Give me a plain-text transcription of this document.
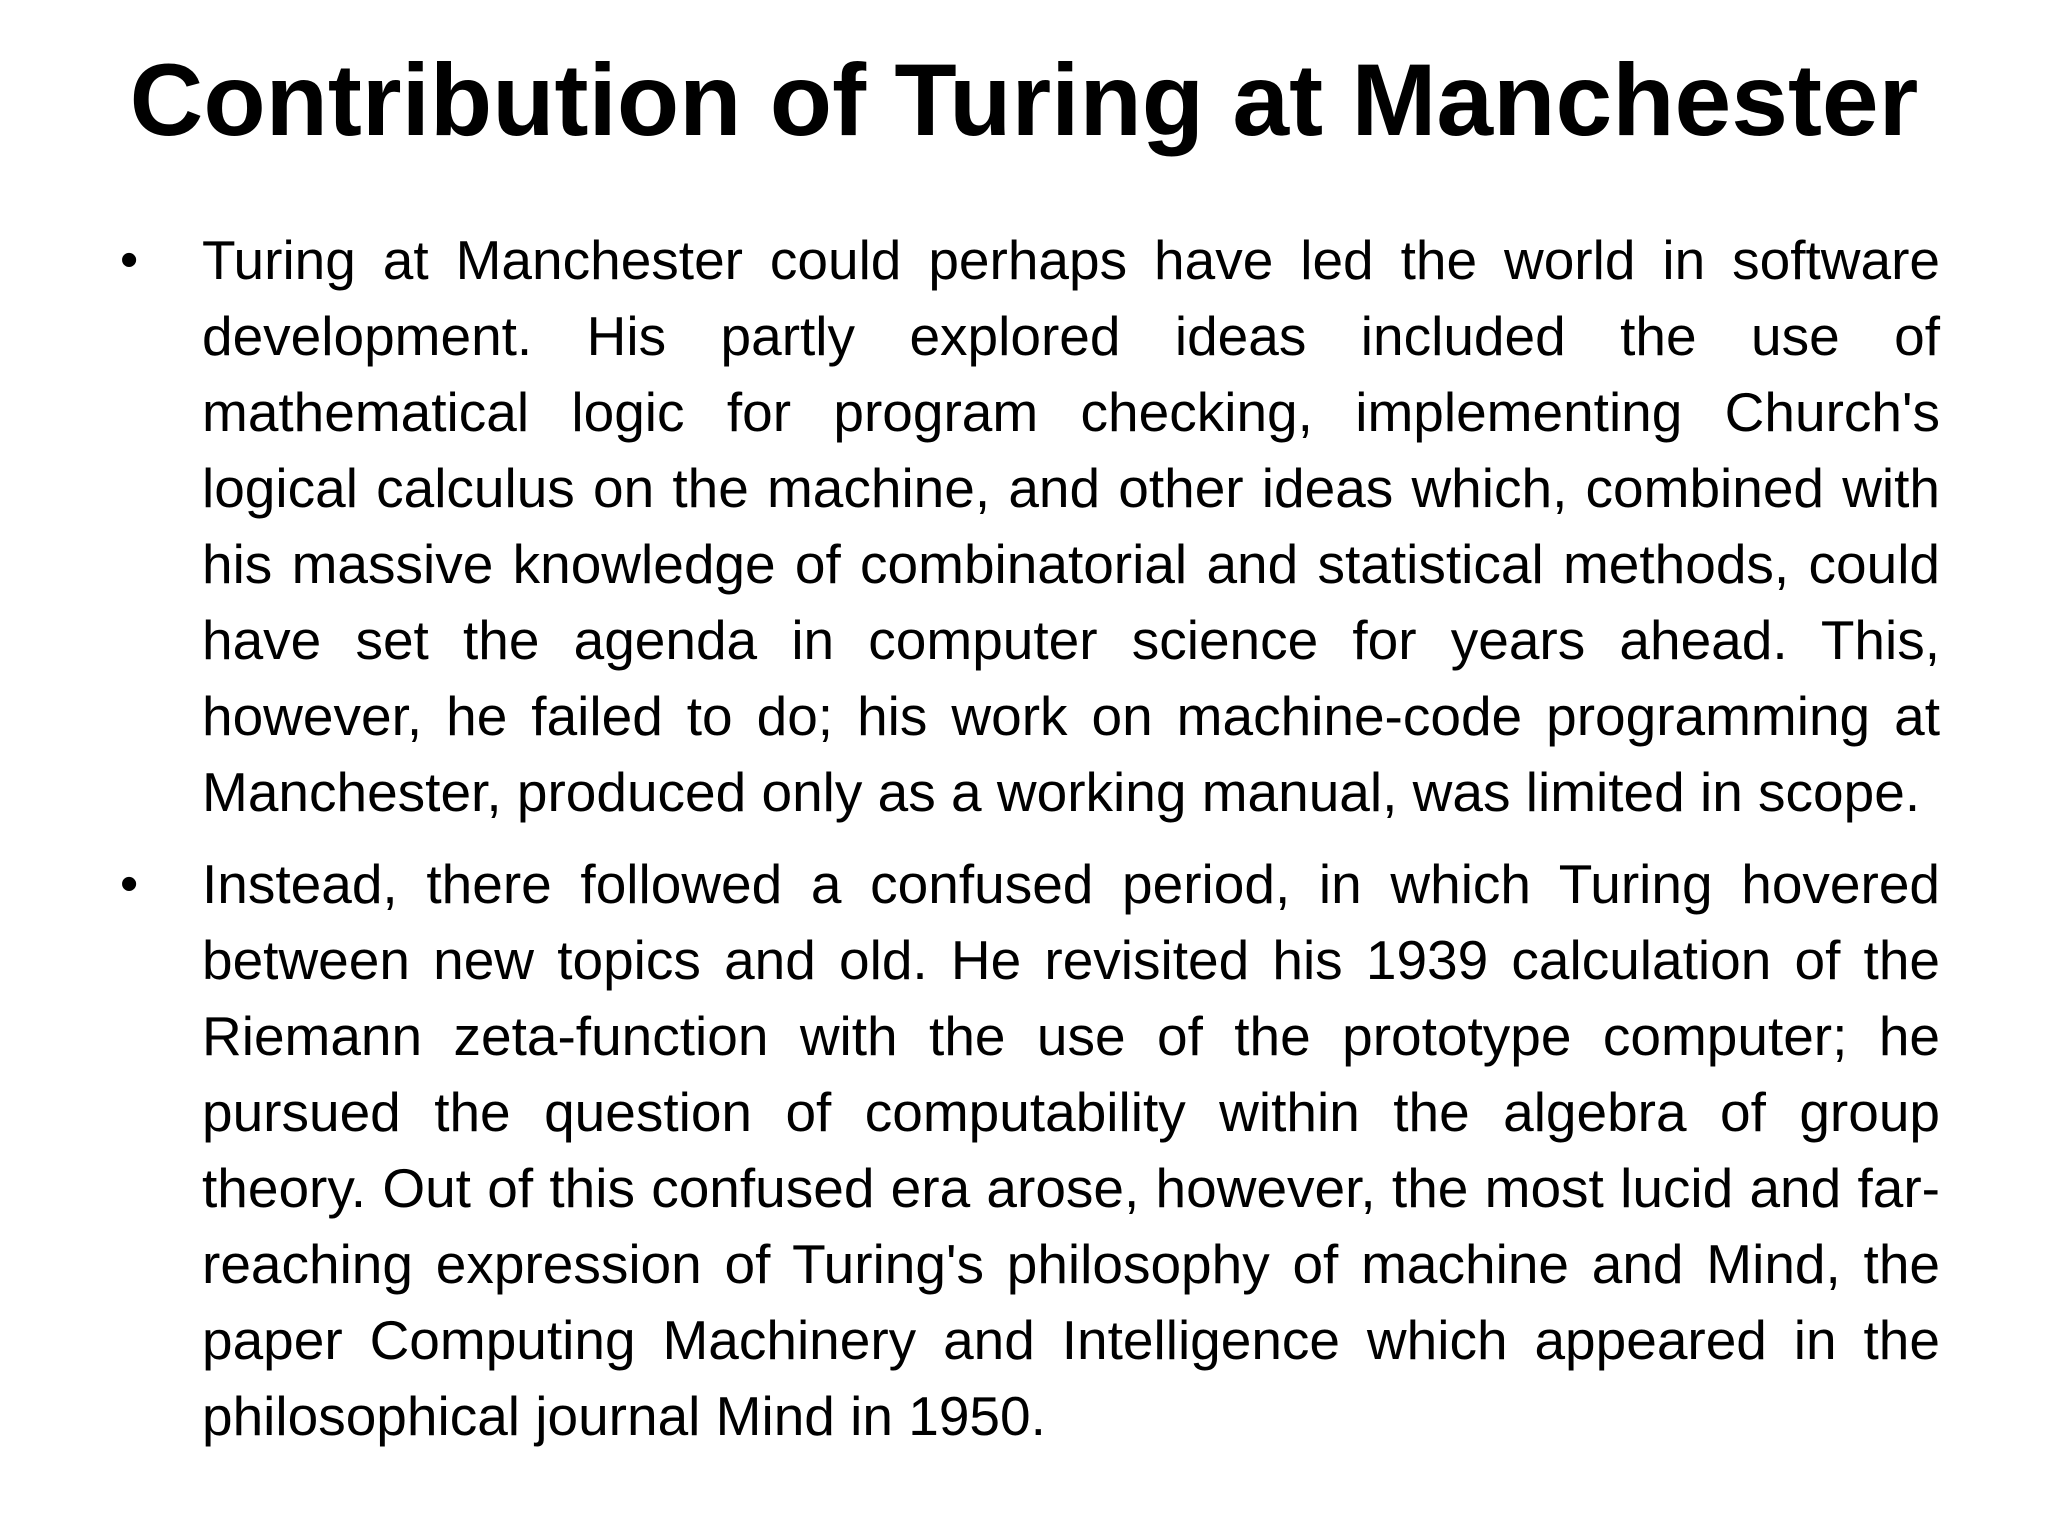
Contribution of Turing at Manchester
•	Turing at Manchester could perhaps have led the world in software development. His partly explored ideas included the use of mathematical logic for program checking, implementing Church's logical calculus on the machine, and other ideas which, combined with his massive knowledge of combinatorial and statistical methods, could have set the agenda in computer science for years ahead. This, however, he failed to do; his work on machine-code programming at Manchester, produced only as a working manual, was limited in scope.
•	Instead, there followed a confused period, in which Turing hovered between new topics and old. He revisited his 1939 calculation of the Riemann zeta-function with the use of the prototype computer; he pursued the question of computability within the algebra of group theory. Out of this confused era arose, however, the most lucid and far-reaching expression of Turing's philosophy of machine and Mind, the paper Computing Machinery and Intelligence which appeared in the philosophical journal Mind in 1950.
